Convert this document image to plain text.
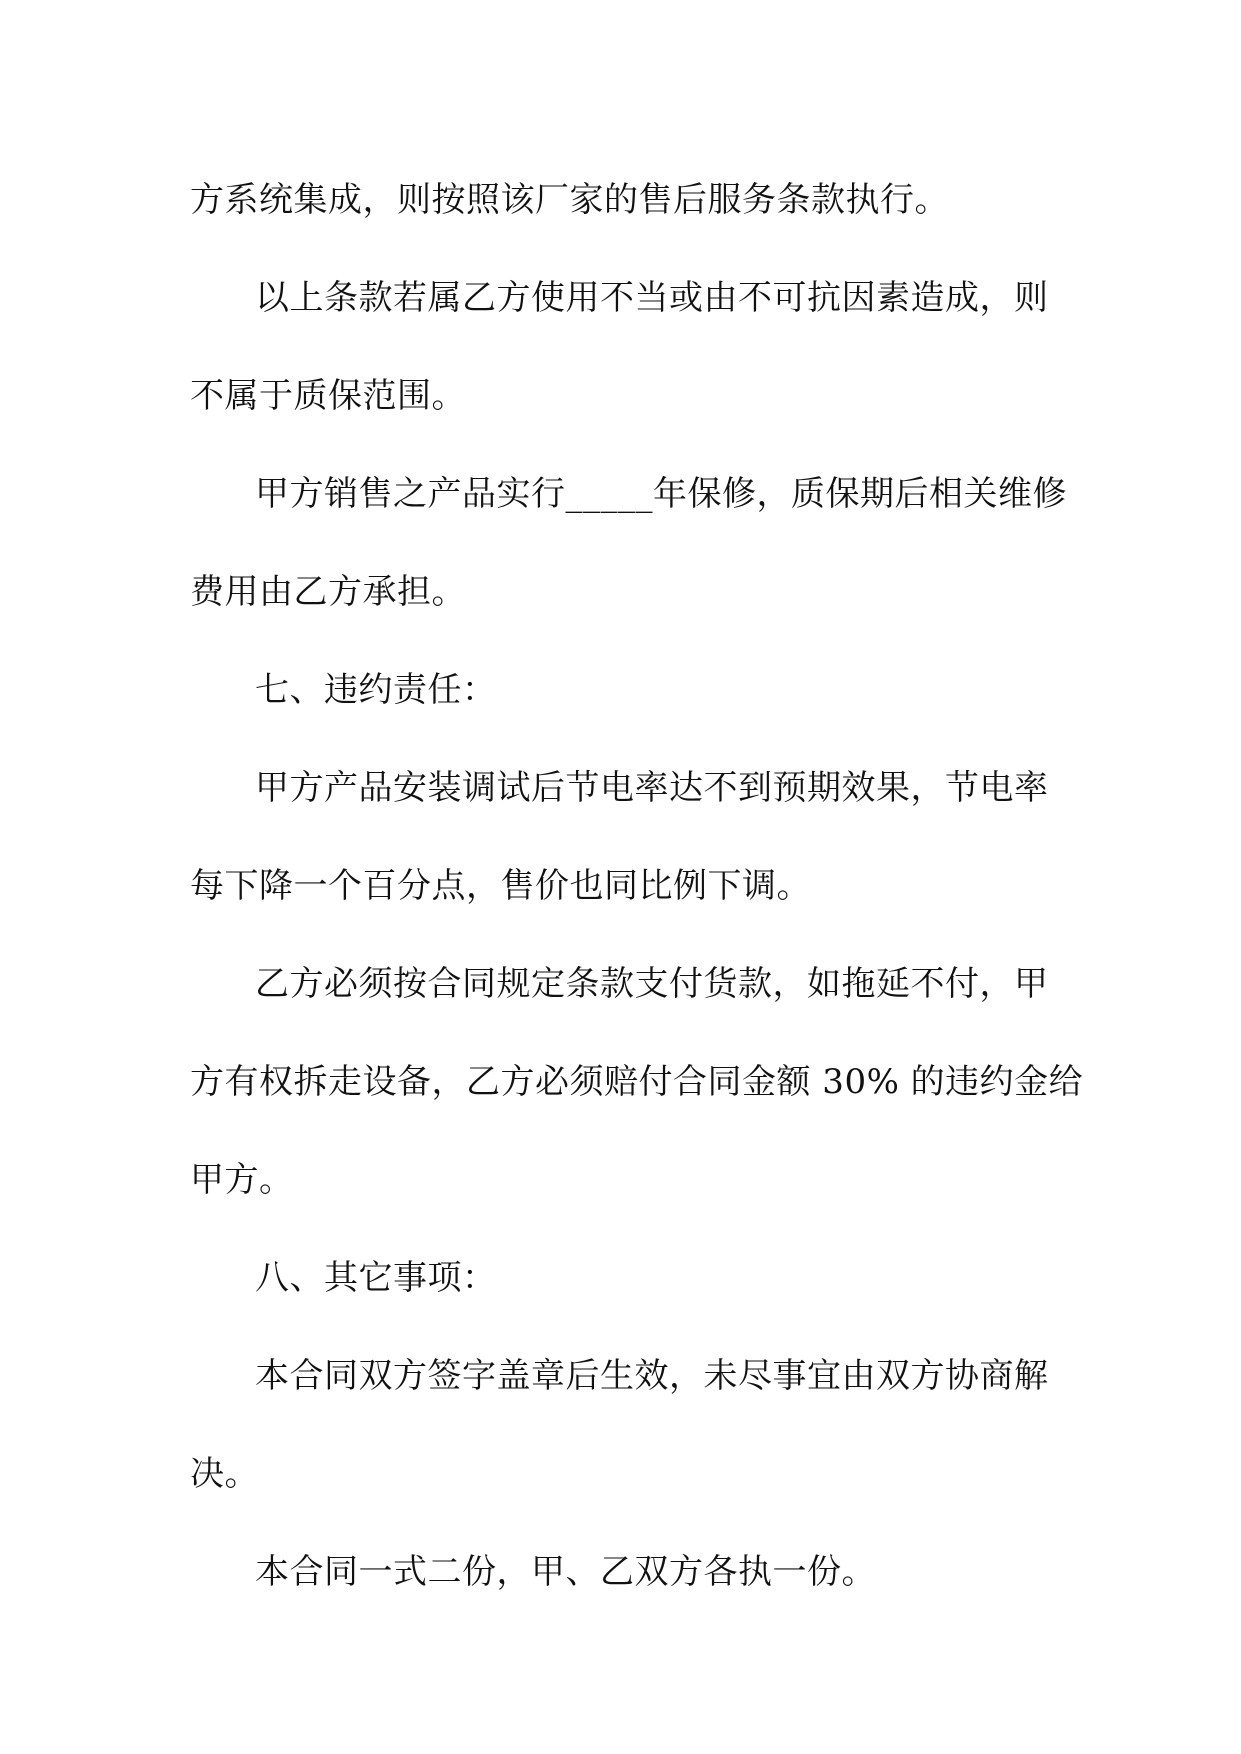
方系统集成，则按照该厂家的售后服务条款执行。

以上条款若属乙方使用不当或由不可抗因素造成，则

不属于质保范围。

甲方销售之产品实行_____年保修，质保期后相关维修

费用由乙方承担。

七、违约责任：

甲方产品安装调试后节电率达不到预期效果，节电率

每下降一个百分点，售价也同比例下调。

乙方必须按合同规定条款支付货款，如拖延不付，甲

方有权拆走设备，乙方必须赔付合同金额 30% 的违约金给

甲方。

八、其它事项：

本合同双方签字盖章后生效，未尽事宜由双方协商解

决。

本合同一式二份，甲、乙双方各执一份。
